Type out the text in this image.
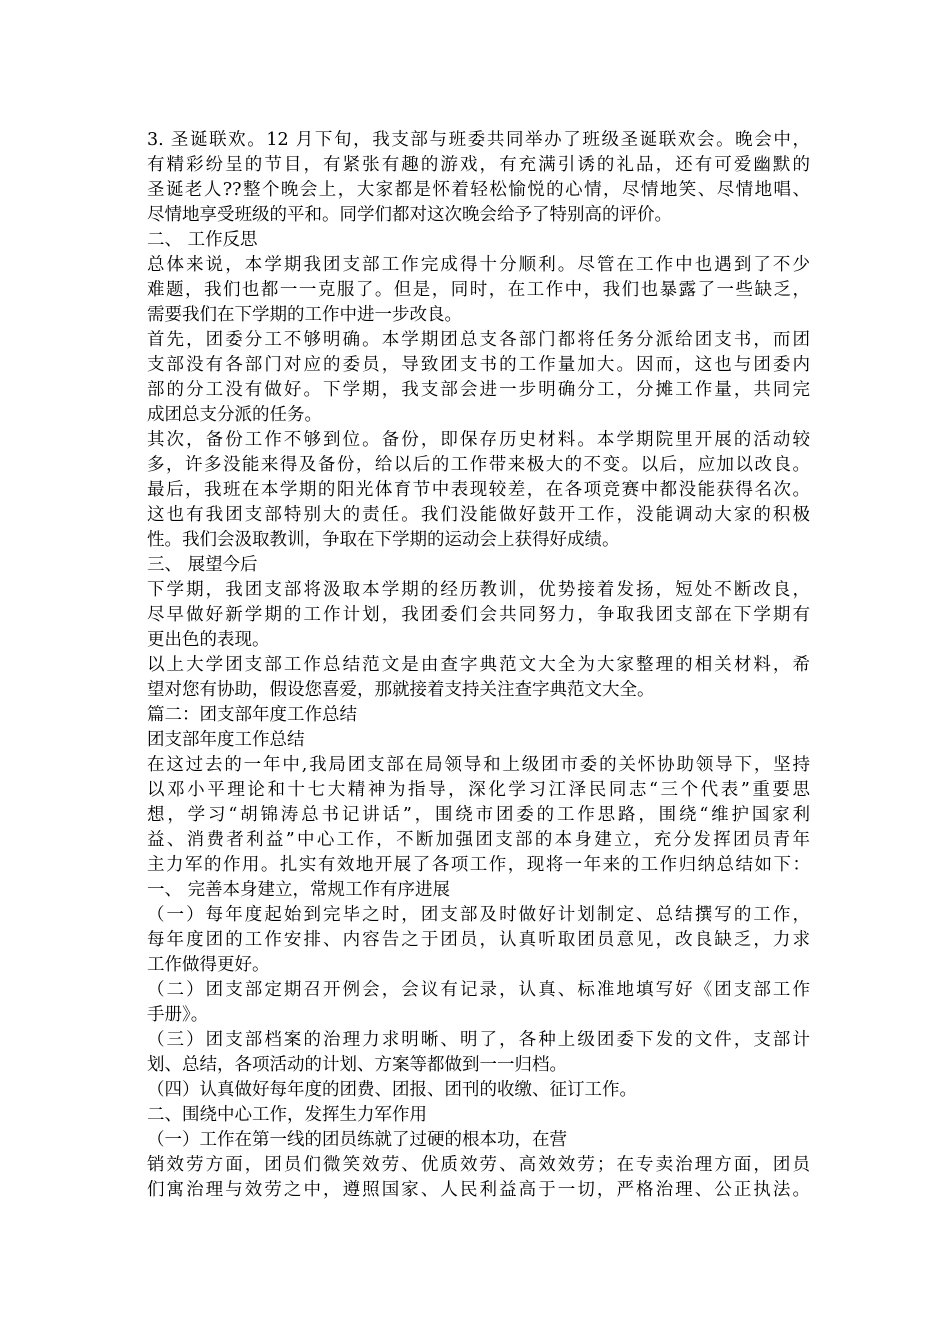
3. 圣诞联欢。12 月下旬，我支部与班委共同举办了班级圣诞联欢会。晚会中，
有精彩纷呈的节目，有紧张有趣的游戏，有充满引诱的礼品，还有可爱幽默的
圣诞老人??整个晚会上，大家都是怀着轻松愉悦的心情，尽情地笑、尽情地唱、
尽情地享受班级的平和。同学们都对这次晚会给予了特别高的评价。
二、 工作反思
总体来说，本学期我团支部工作完成得十分顺利。尽管在工作中也遇到了不少
难题，我们也都一一克服了。但是，同时，在工作中，我们也暴露了一些缺乏，
需要我们在下学期的工作中进一步改良。
首先，团委分工不够明确。本学期团总支各部门都将任务分派给团支书，而团
支部没有各部门对应的委员，导致团支书的工作量加大。因而，这也与团委内
部的分工没有做好。下学期，我支部会进一步明确分工，分摊工作量，共同完
成团总支分派的任务。
其次，备份工作不够到位。备份，即保存历史材料。本学期院里开展的活动较
多，许多没能来得及备份，给以后的工作带来极大的不变。以后，应加以改良。
最后，我班在本学期的阳光体育节中表现较差，在各项竞赛中都没能获得名次。
这也有我团支部特别大的责任。我们没能做好鼓开工作，没能调动大家的积极
性。我们会汲取教训，争取在下学期的运动会上获得好成绩。
三、 展望今后
下学期，我团支部将汲取本学期的经历教训，优势接着发扬，短处不断改良，
尽早做好新学期的工作计划，我团委们会共同努力，争取我团支部在下学期有
更出色的表现。
以上大学团支部工作总结范文是由查字典范文大全为大家整理的相关材料，希
望对您有协助，假设您喜爱，那就接着支持关注查字典范文大全。
篇二：团支部年度工作总结
团支部年度工作总结
在这过去的一年中,我局团支部在局领导和上级团市委的关怀协助领导下，坚持
以邓小平理论和十七大精神为指导，深化学习江泽民同志“三个代表”重要思
想，学习“胡锦涛总书记讲话”，围绕市团委的工作思路，围绕“维护国家利
益、消费者利益”中心工作，不断加强团支部的本身建立，充分发挥团员青年
主力军的作用。扎实有效地开展了各项工作，现将一年来的工作归纳总结如下：
一、 完善本身建立，常规工作有序进展
（一）每年度起始到完毕之时，团支部及时做好计划制定、总结撰写的工作，
每年度团的工作安排、内容告之于团员，认真听取团员意见，改良缺乏，力求
工作做得更好。
（二）团支部定期召开例会，会议有记录，认真、标准地填写好《团支部工作
手册》。
（三）团支部档案的治理力求明晰、明了，各种上级团委下发的文件，支部计
划、总结，各项活动的计划、方案等都做到一一归档。
（四）认真做好每年度的团费、团报、团刊的收缴、征订工作。
二、围绕中心工作，发挥生力军作用
（一）工作在第一线的团员练就了过硬的根本功，在营
销效劳方面，团员们微笑效劳、优质效劳、高效效劳；在专卖治理方面，团员
们寓治理与效劳之中，遵照国家、人民利益高于一切，严格治理、公正执法。
